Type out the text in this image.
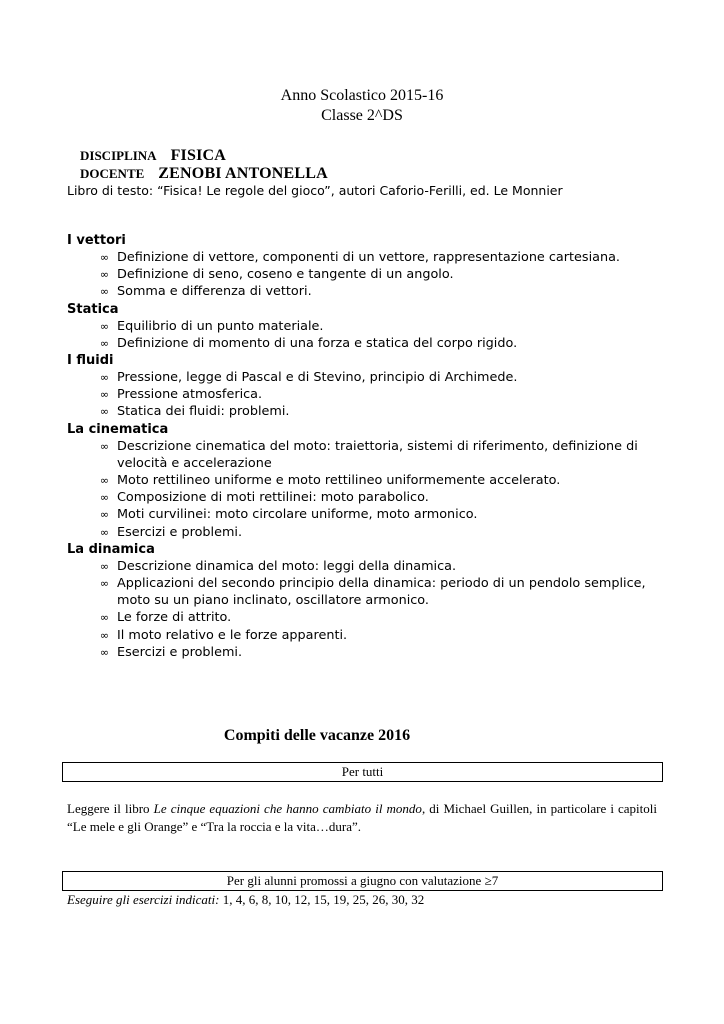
Anno Scolastico 2015-16
Classe 2^DS
DISCIPLINA FISICA
DOCENTE ZENOBI ANTONELLA
Libro di testo: “Fisica! Le regole del gioco”, autori Caforio-Ferilli, ed. Le Monnier
I vettori
∞ Definizione di vettore, componenti di un vettore, rappresentazione cartesiana.
∞ Definizione di seno, coseno e tangente di un angolo.
∞ Somma e differenza di vettori.
Statica
∞ Equilibrio di un punto materiale.
∞ Definizione di momento di una forza e statica del corpo rigido.
I fluidi
∞ Pressione, legge di Pascal e di Stevino, principio di Archimede.
∞ Pressione atmosferica.
∞ Statica dei fluidi: problemi.
La cinematica
∞ Descrizione cinematica del moto: traiettoria, sistemi di riferimento, definizione di velocità e accelerazione
∞ Moto rettilineo uniforme e moto rettilineo uniformemente accelerato.
∞ Composizione di moti rettilinei: moto parabolico.
∞ Moti curvilinei: moto circolare uniforme, moto armonico.
∞ Esercizi e problemi.
La dinamica
∞ Descrizione dinamica del moto: leggi della dinamica.
∞ Applicazioni del secondo principio della dinamica: periodo di un pendolo semplice, moto su un piano inclinato, oscillatore armonico.
∞ Le forze di attrito.
∞ Il moto relativo e le forze apparenti.
∞ Esercizi e problemi.
Compiti delle vacanze 2016
Per tutti
Leggere il libro Le cinque equazioni che hanno cambiato il mondo, di Michael Guillen, in particolare i capitoli “Le mele e gli Orange” e “Tra la roccia e la vita…dura”.
Per gli alunni promossi a giugno con valutazione ≥7
Eseguire gli esercizi indicati: 1, 4, 6, 8, 10, 12, 15, 19, 25, 26, 30, 32
